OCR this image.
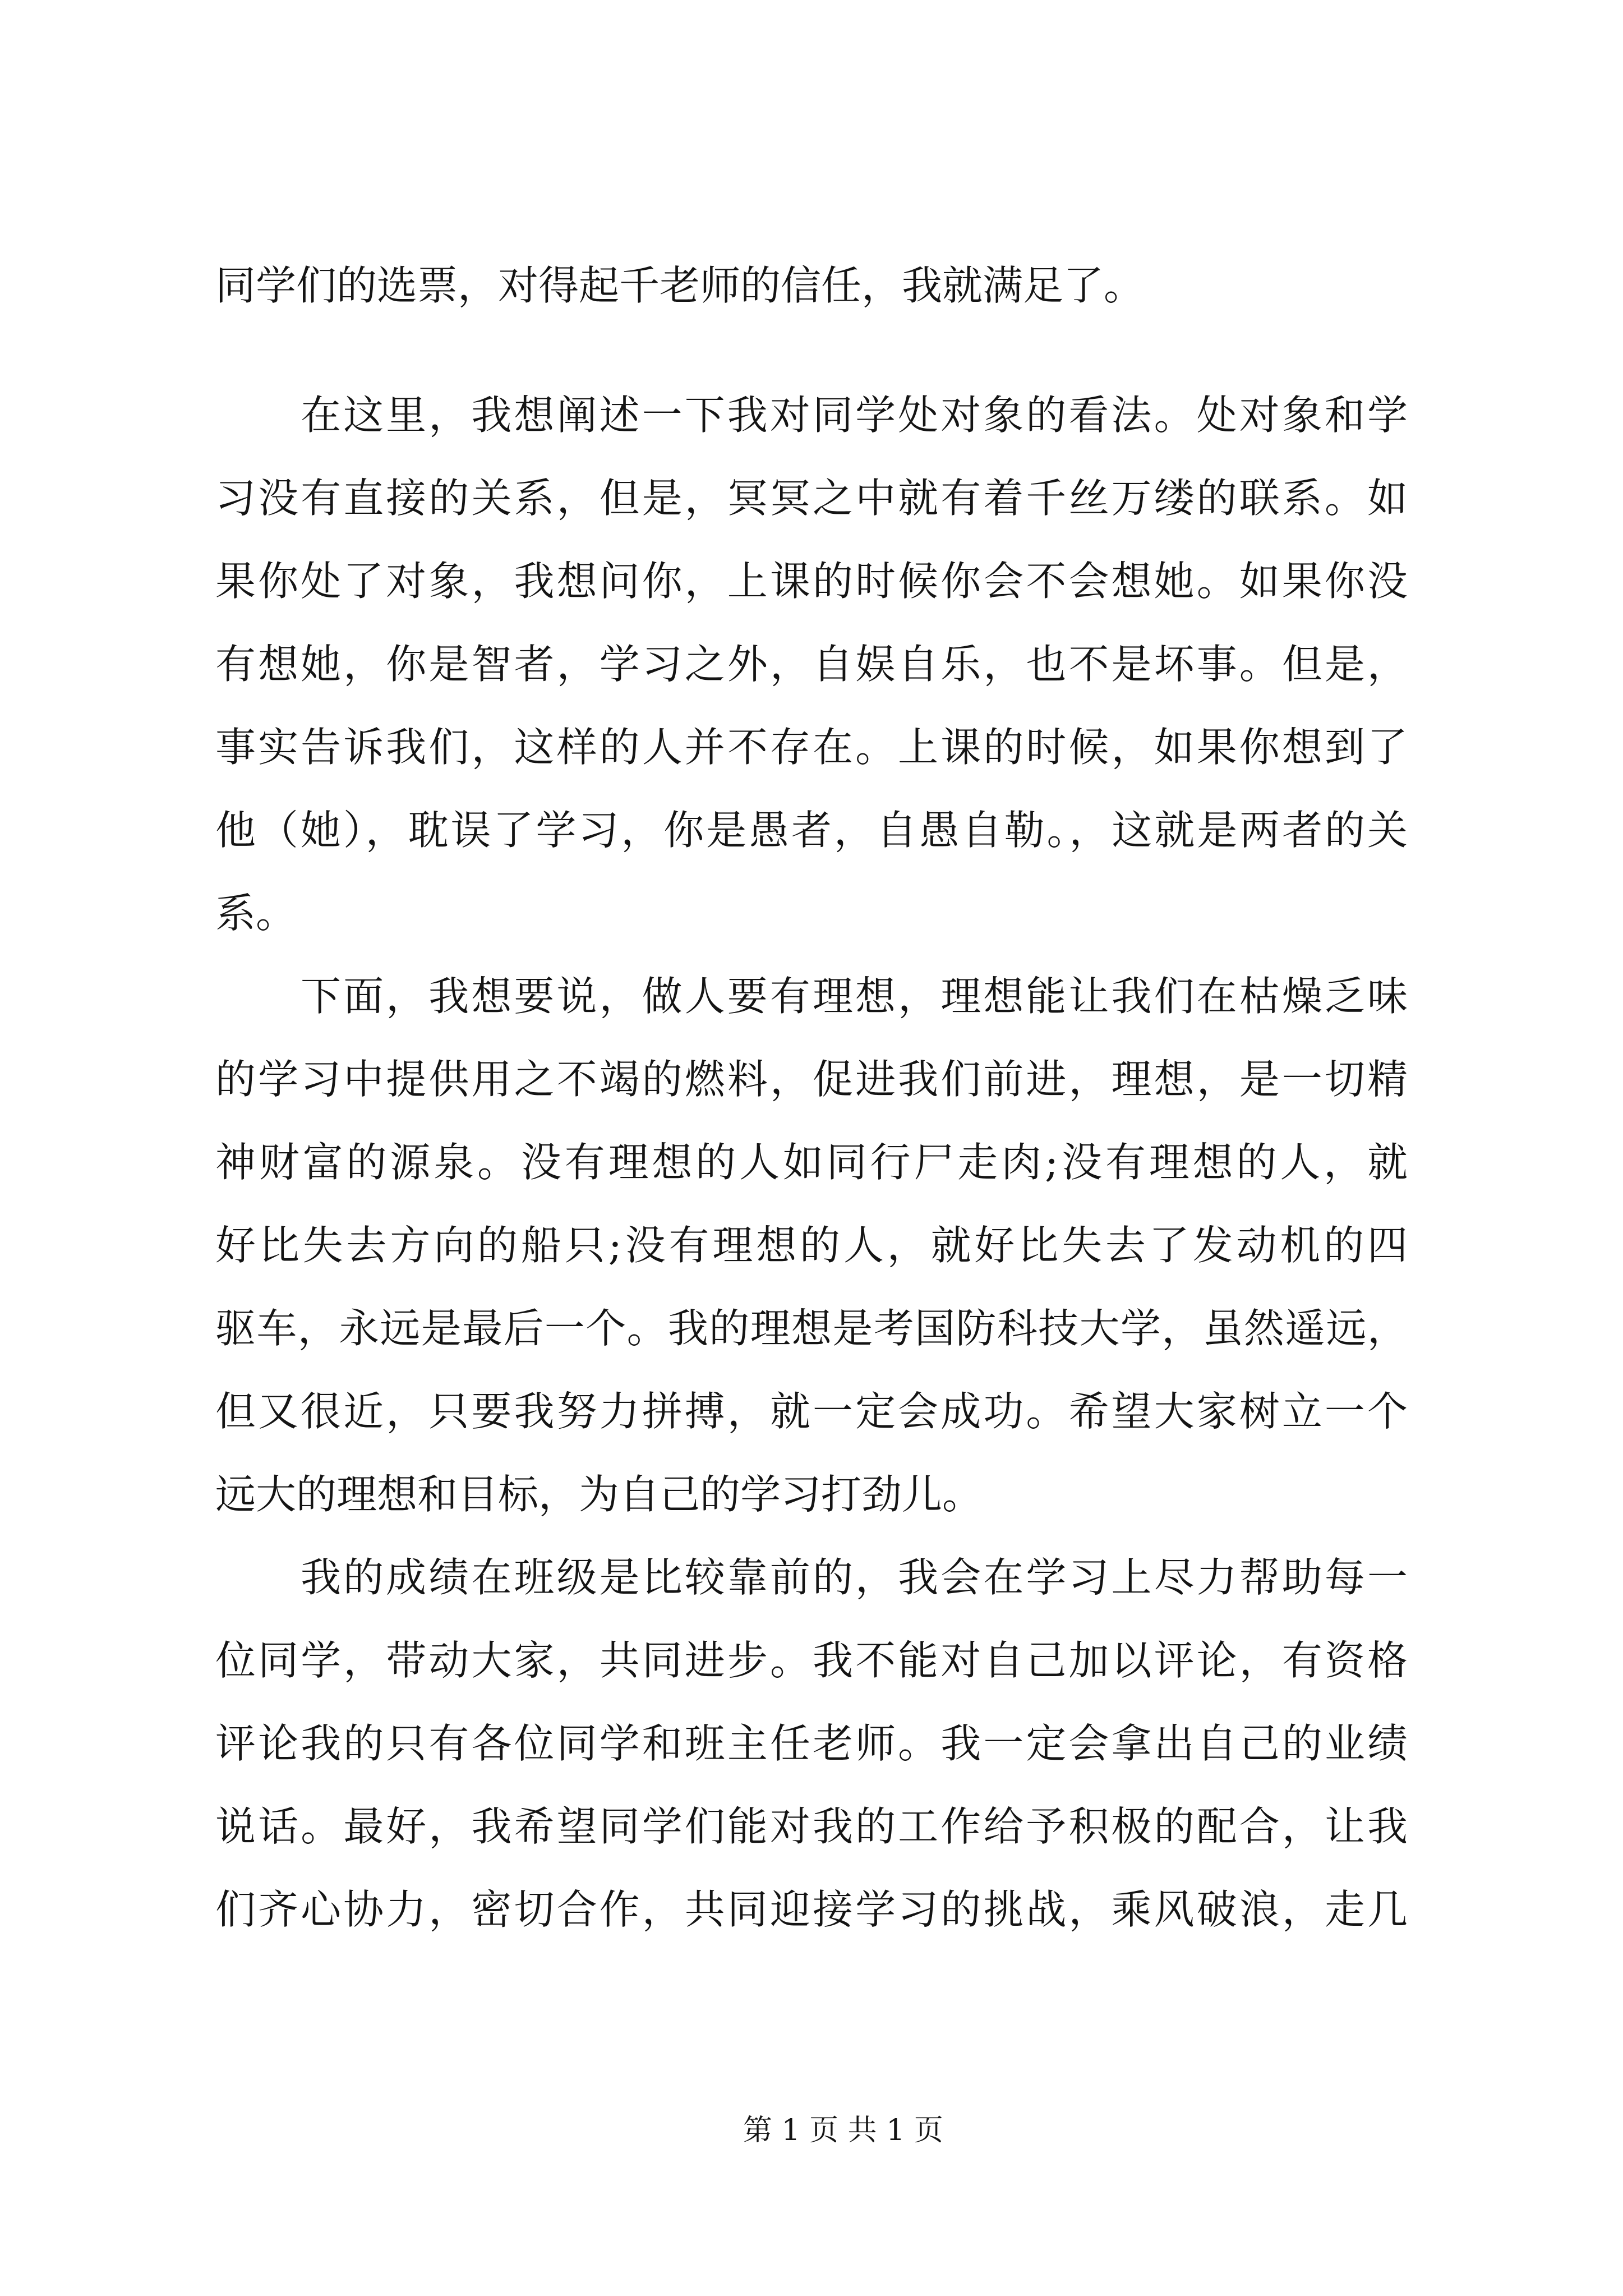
同学们的选票，对得起千老师的信任，我就满足了。
在这里，我想阐述一下我对同学处对象的看法。处对象和学
习没有直接的关系，但是，冥冥之中就有着千丝万缕的联系。如
果你处了对象，我想问你，上课的时候你会不会想她。如果你没
有想她，你是智者，学习之外，自娱自乐，也不是坏事。但是，
事实告诉我们，这样的人并不存在。上课的时候，如果你想到了
他（她），耽误了学习，你是愚者，自愚自勒。，这就是两者的关
系。
下面，我想要说，做人要有理想，理想能让我们在枯燥乏味
的学习中提供用之不竭的燃料，促进我们前进，理想，是一切精
神财富的源泉。没有理想的人如同行尸走肉;没有理想的人，就
好比失去方向的船只;没有理想的人，就好比失去了发动机的四
驱车，永远是最后一个。我的理想是考国防科技大学，虽然遥远，
但又很近，只要我努力拼搏，就一定会成功。希望大家树立一个
远大的理想和目标，为自己的学习打劲儿。
我的成绩在班级是比较靠前的，我会在学习上尽力帮助每一
位同学，带动大家，共同进步。我不能对自己加以评论，有资格
评论我的只有各位同学和班主任老师。我一定会拿出自己的业绩
说话。最好，我希望同学们能对我的工作给予积极的配合，让我
们齐心协力，密切合作，共同迎接学习的挑战，乘风破浪，走几
第 1 页 共 1 页
